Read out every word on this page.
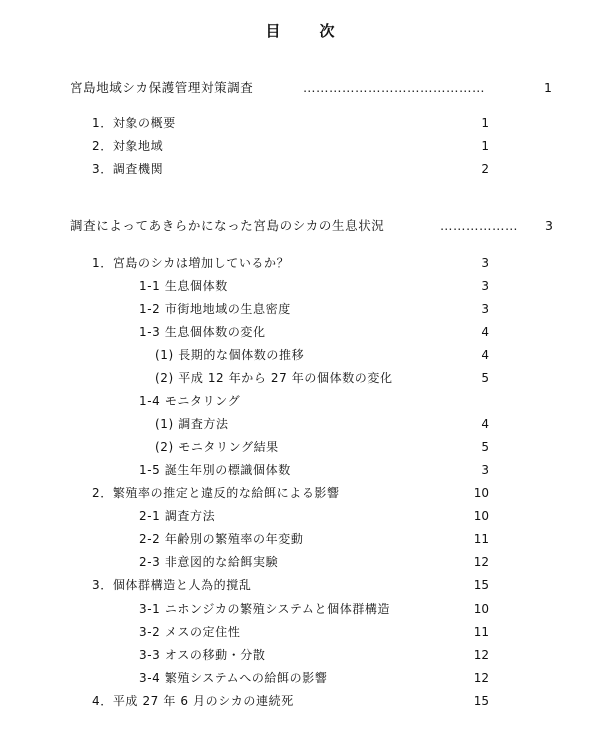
目	次
宮島地域シカ保護管理対策調査	……………………………………	1
1．対象の概要	1
2．対象地域	1
3．調査機関	2
調査によってあきらかになった宮島のシカの生息状況	………………	3
1．宮島のシカは増加しているか？	3
1-1 生息個体数	3
1-2 市街地地域の生息密度	3
1-3 生息個体数の変化	4
(1) 長期的な個体数の推移	4
(2) 平成 12 年から 27 年の個体数の変化	5
1-4 モニタリング
(1) 調査方法	4
(2) モニタリング結果	5
1-5 誕生年別の標識個体数	3
2．繁殖率の推定と違反的な給餌による影響	10
2-1 調査方法	10
2-2 年齢別の繁殖率の年変動	11
2-3 非意図的な給餌実験	12
3．個体群構造と人為的撹乱	15
3-1 ニホンジカの繁殖システムと個体群構造	10
3-2 メスの定住性	11
3-3 オスの移動・分散	12
3-4 繁殖システムへの給餌の影響	12
4．平成 27 年 6 月のシカの連続死	15
